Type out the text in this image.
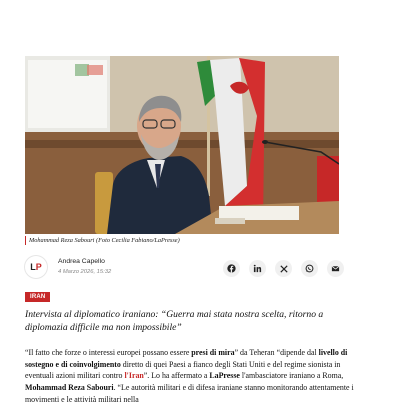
Mohammad Reza Sabouri (Foto Cecilia Fabiano/LaPresse)
L P
Andrea Capello
4 Marzo 2026, 15:32
IRAN
Intervista al diplomatico iraniano: “Guerra mai stata nostra scelta, ritorno a diplomazia difficile ma non impossibile”
“Il fatto che forze o interessi europei possano essere presi di mira” da Teheran “dipende dal livello di sostegno e di coinvolgimento diretto di quei Paesi a fianco degli Stati Uniti e del regime sionista in eventuali azioni militari contro l'Iran”. Lo ha affermato a LaPresse l'ambasciatore iraniano a Roma, Mohammad Reza Sabouri. “Le autorità militari e di difesa iraniane stanno monitorando attentamente i movimenti e le attività militari nella
